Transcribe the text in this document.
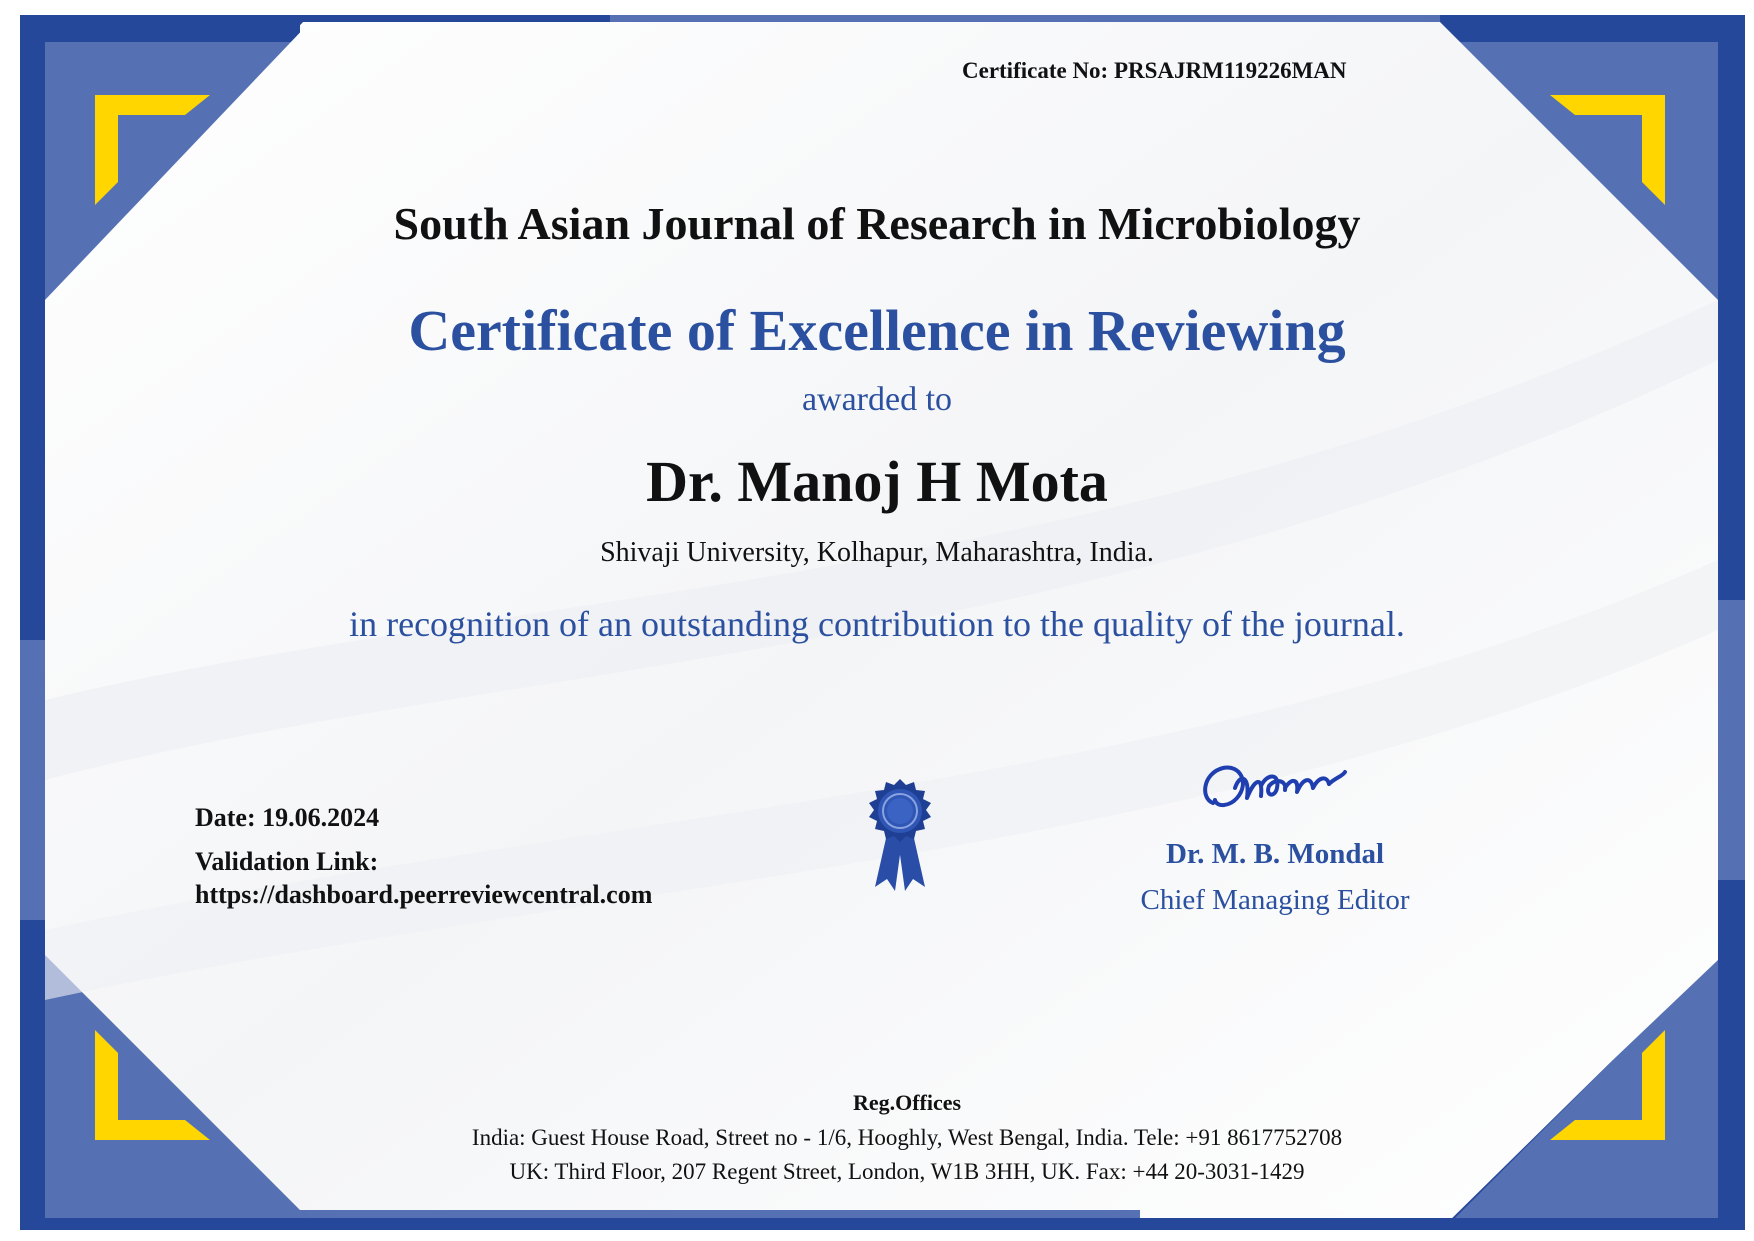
Certificate No: PRSAJRM119226MAN
South Asian Journal of Research in Microbiology
Certificate of Excellence in Reviewing
awarded to
Dr. Manoj H Mota
Shivaji University, Kolhapur, Maharashtra, India.
in recognition of an outstanding contribution to the quality of the journal.
Date: 19.06.2024
Validation Link:
https://dashboard.peerreviewcentral.com
Dr. M. B. Mondal
Chief Managing Editor
Reg.Offices
India: Guest House Road, Street no - 1/6, Hooghly, West Bengal, India. Tele: +91 8617752708
UK: Third Floor, 207 Regent Street, London, W1B 3HH, UK. Fax: +44 20-3031-1429
